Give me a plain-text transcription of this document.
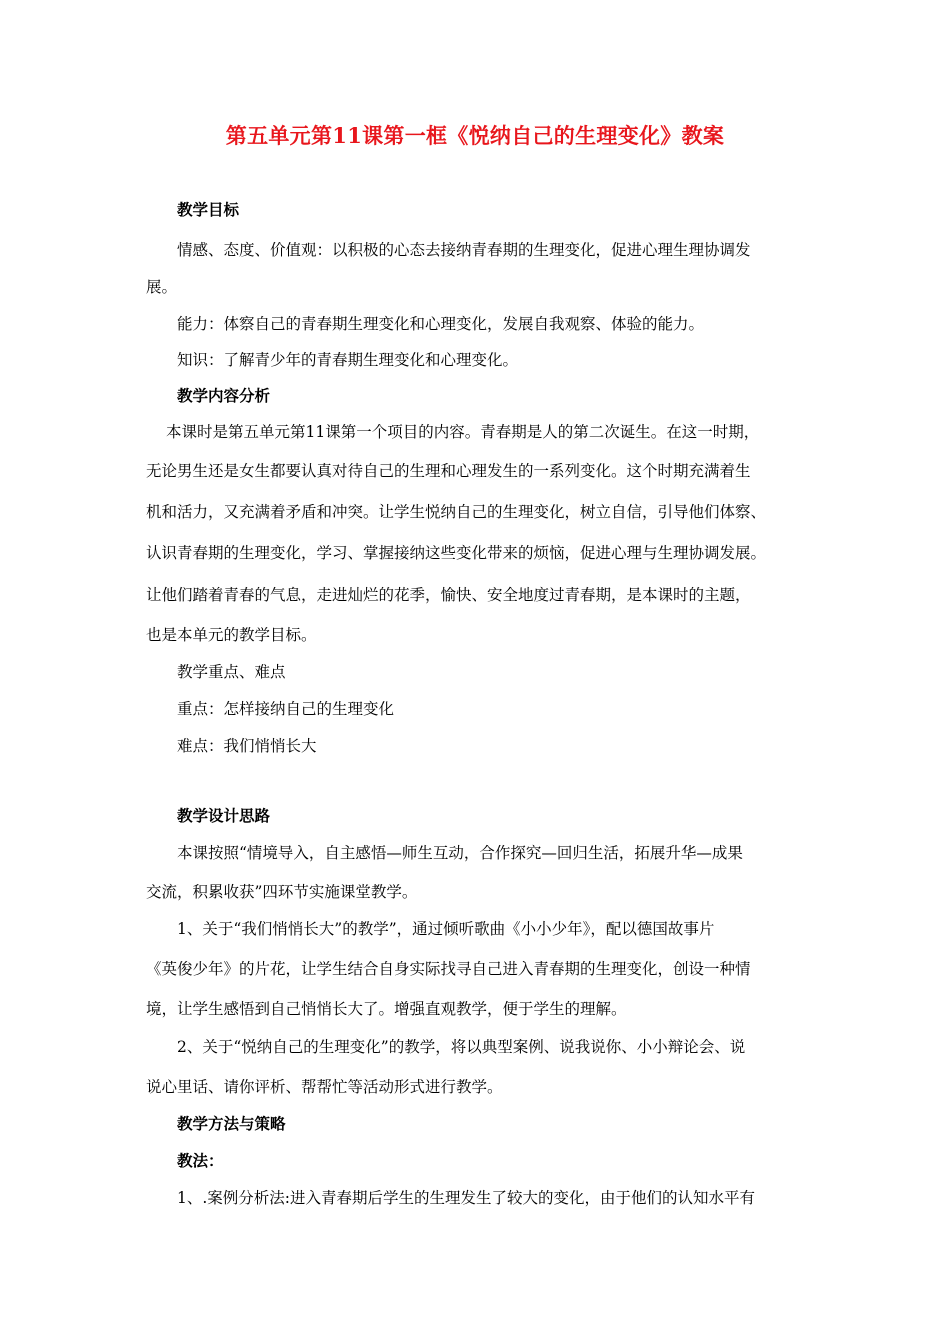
第五单元第11课第一框《悦纳自己的生理变化》教案
教学目标
情感、态度、价值观：以积极的心态去接纳青春期的生理变化，促进心理生理协调发
展。
能力：体察自己的青春期生理变化和心理变化，发展自我观察、体验的能力。
知识：了解青少年的青春期生理变化和心理变化。
教学内容分析
本课时是第五单元第11课第一个项目的内容。青春期是人的第二次诞生。在这一时期，
无论男生还是女生都要认真对待自己的生理和心理发生的一系列变化。这个时期充满着生
机和活力，又充满着矛盾和冲突。让学生悦纳自己的生理变化，树立自信，引导他们体察、
认识青春期的生理变化，学习、掌握接纳这些变化带来的烦恼，促进心理与生理协调发展。
让他们踏着青春的气息，走进灿烂的花季，愉快、安全地度过青春期，是本课时的主题，
也是本单元的教学目标。
教学重点、难点
重点：怎样接纳自己的生理变化
难点：我们悄悄长大
教学设计思路
本课按照“情境导入，自主感悟—师生互动，合作探究—回归生活，拓展升华—成果
交流，积累收获”四环节实施课堂教学。
1、关于“我们悄悄长大”的教学”，通过倾听歌曲《小小少年》，配以德国故事片
《英俊少年》的片花，让学生结合自身实际找寻自己进入青春期的生理变化，创设一种情
境，让学生感悟到自己悄悄长大了。增强直观教学，便于学生的理解。
2、关于“悦纳自己的生理变化”的教学，将以典型案例、说我说你、小小辩论会、说
说心里话、请你评析、帮帮忙等活动形式进行教学。
教学方法与策略
教法：
1、.案例分析法:进入青春期后学生的生理发生了较大的变化，由于他们的认知水平有
